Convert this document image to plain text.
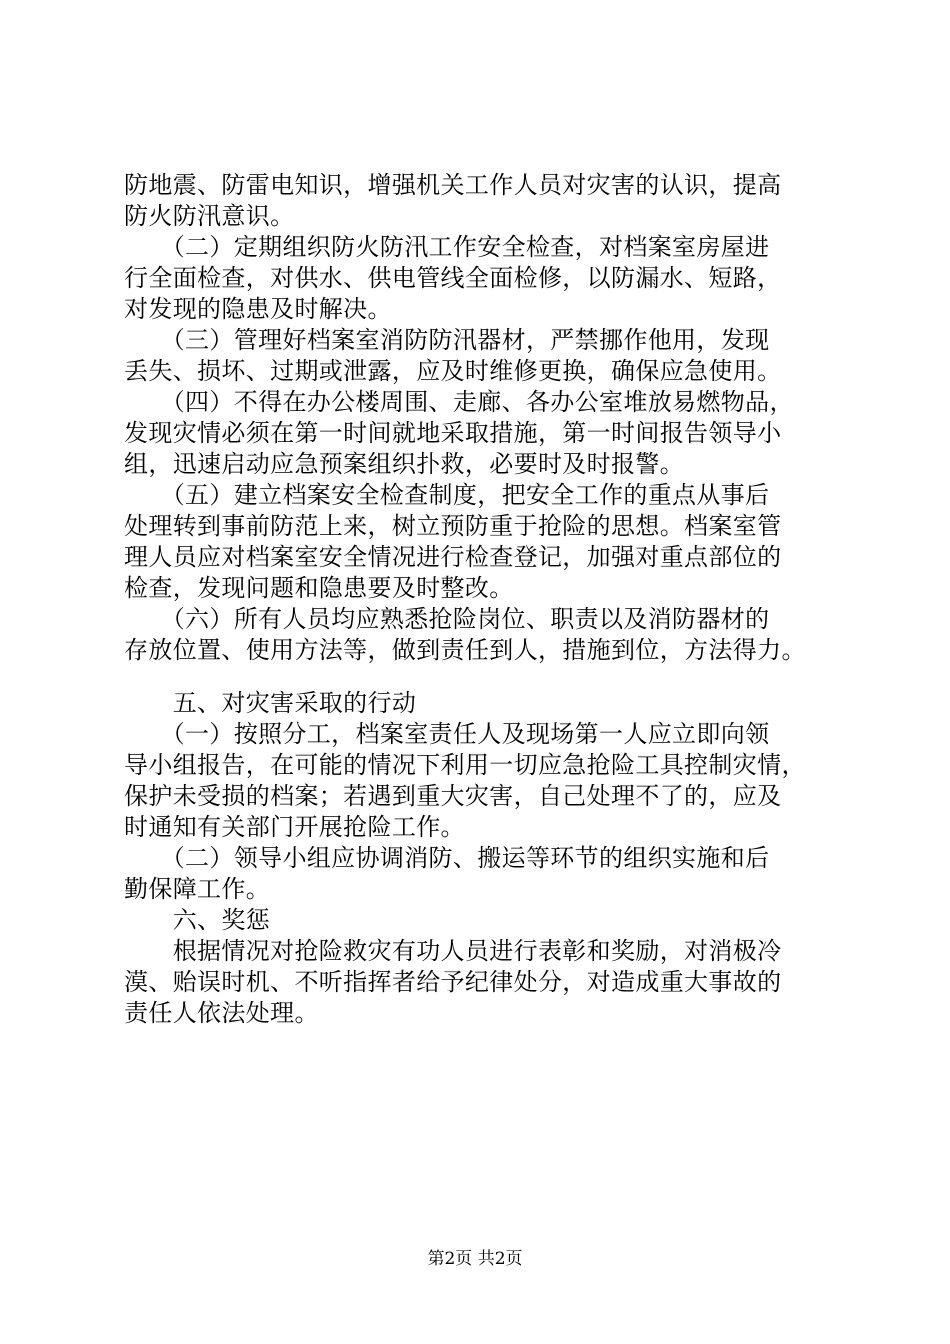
防地震、防雷电知识，增强机关工作人员对灾害的认识，提高
防火防汛意识。
　　（二）定期组织防火防汛工作安全检查，对档案室房屋进
行全面检查，对供水、供电管线全面检修，以防漏水、短路，
对发现的隐患及时解决。
　　（三）管理好档案室消防防汛器材，严禁挪作他用，发现
丢失、损坏、过期或泄露，应及时维修更换，确保应急使用。
　　（四）不得在办公楼周围、走廊、各办公室堆放易燃物品，
发现灾情必须在第一时间就地采取措施，第一时间报告领导小
组，迅速启动应急预案组织扑救，必要时及时报警。
　　（五）建立档案安全检查制度，把安全工作的重点从事后
处理转到事前防范上来，树立预防重于抢险的思想。档案室管
理人员应对档案室安全情况进行检查登记，加强对重点部位的
检查，发现问题和隐患要及时整改。
　　（六）所有人员均应熟悉抢险岗位、职责以及消防器材的
存放位置、使用方法等，做到责任到人，措施到位，方法得力。
　　五、对灾害采取的行动
　　（一）按照分工，档案室责任人及现场第一人应立即向领
导小组报告，在可能的情况下利用一切应急抢险工具控制灾情，
保护未受损的档案；若遇到重大灾害，自己处理不了的，应及
时通知有关部门开展抢险工作。
　　（二）领导小组应协调消防、搬运等环节的组织实施和后
勤保障工作。
　　六、奖惩
　　根据情况对抢险救灾有功人员进行表彰和奖励，对消极冷
漠、贻误时机、不听指挥者给予纪律处分，对造成重大事故的
责任人依法处理。
第2页 共2页
